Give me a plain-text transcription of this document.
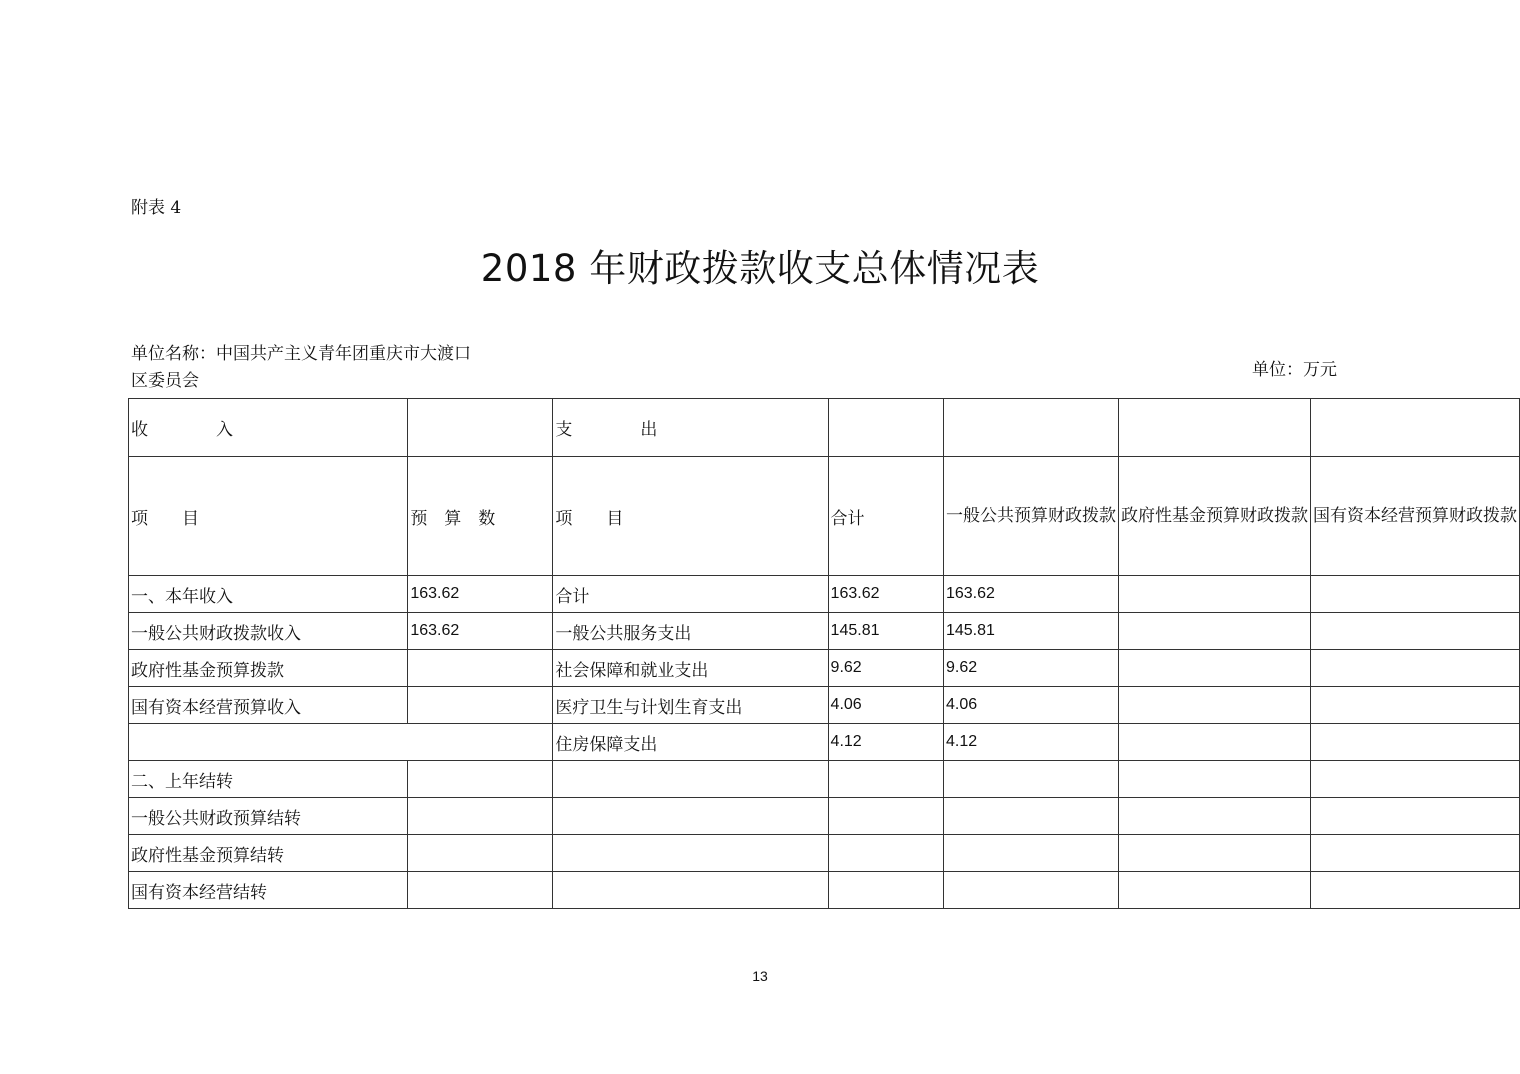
附表 4
2018 年财政拨款收支总体情况表
单位名称：中国共产主义青年团重庆市大渡口区委员会
单位：万元
收　　　　入		支　　　　出				
项　　目	预　算　数	项　　目	合计	一般公共预算财政拨款	政府性基金预算财政拨款	国有资本经营预算财政拨款
一、本年收入	163.62	合计	163.62	163.62		
一般公共财政拨款收入	163.62	一般公共服务支出	145.81	145.81		
政府性基金预算拨款		社会保障和就业支出	9.62	9.62		
国有资本经营预算收入		医疗卫生与计划生育支出	4.06	4.06		
		住房保障支出	4.12	4.12		
二、上年结转						
一般公共财政预算结转						
政府性基金预算结转						
国有资本经营结转						
13
